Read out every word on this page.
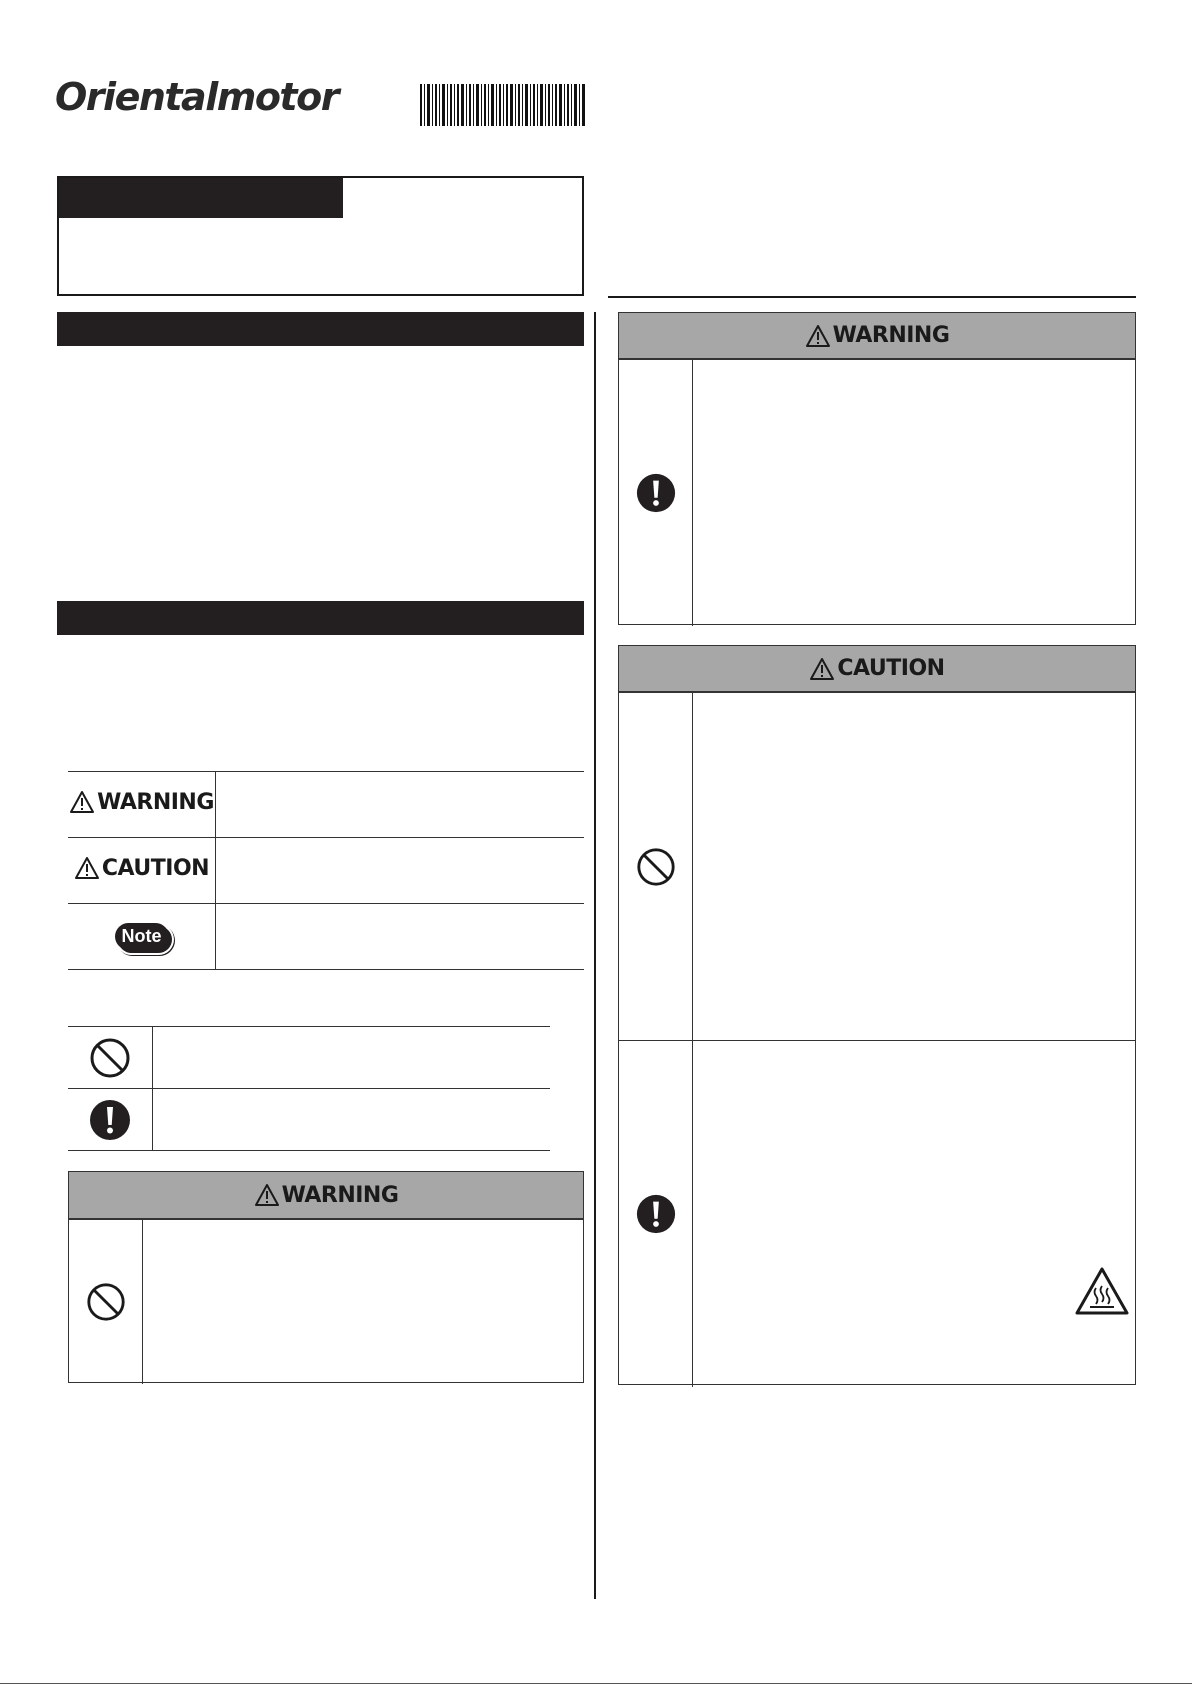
Orientalmotor
WARNING	

CAUTION	

Note	

WARNING
WARNING
CAUTION
